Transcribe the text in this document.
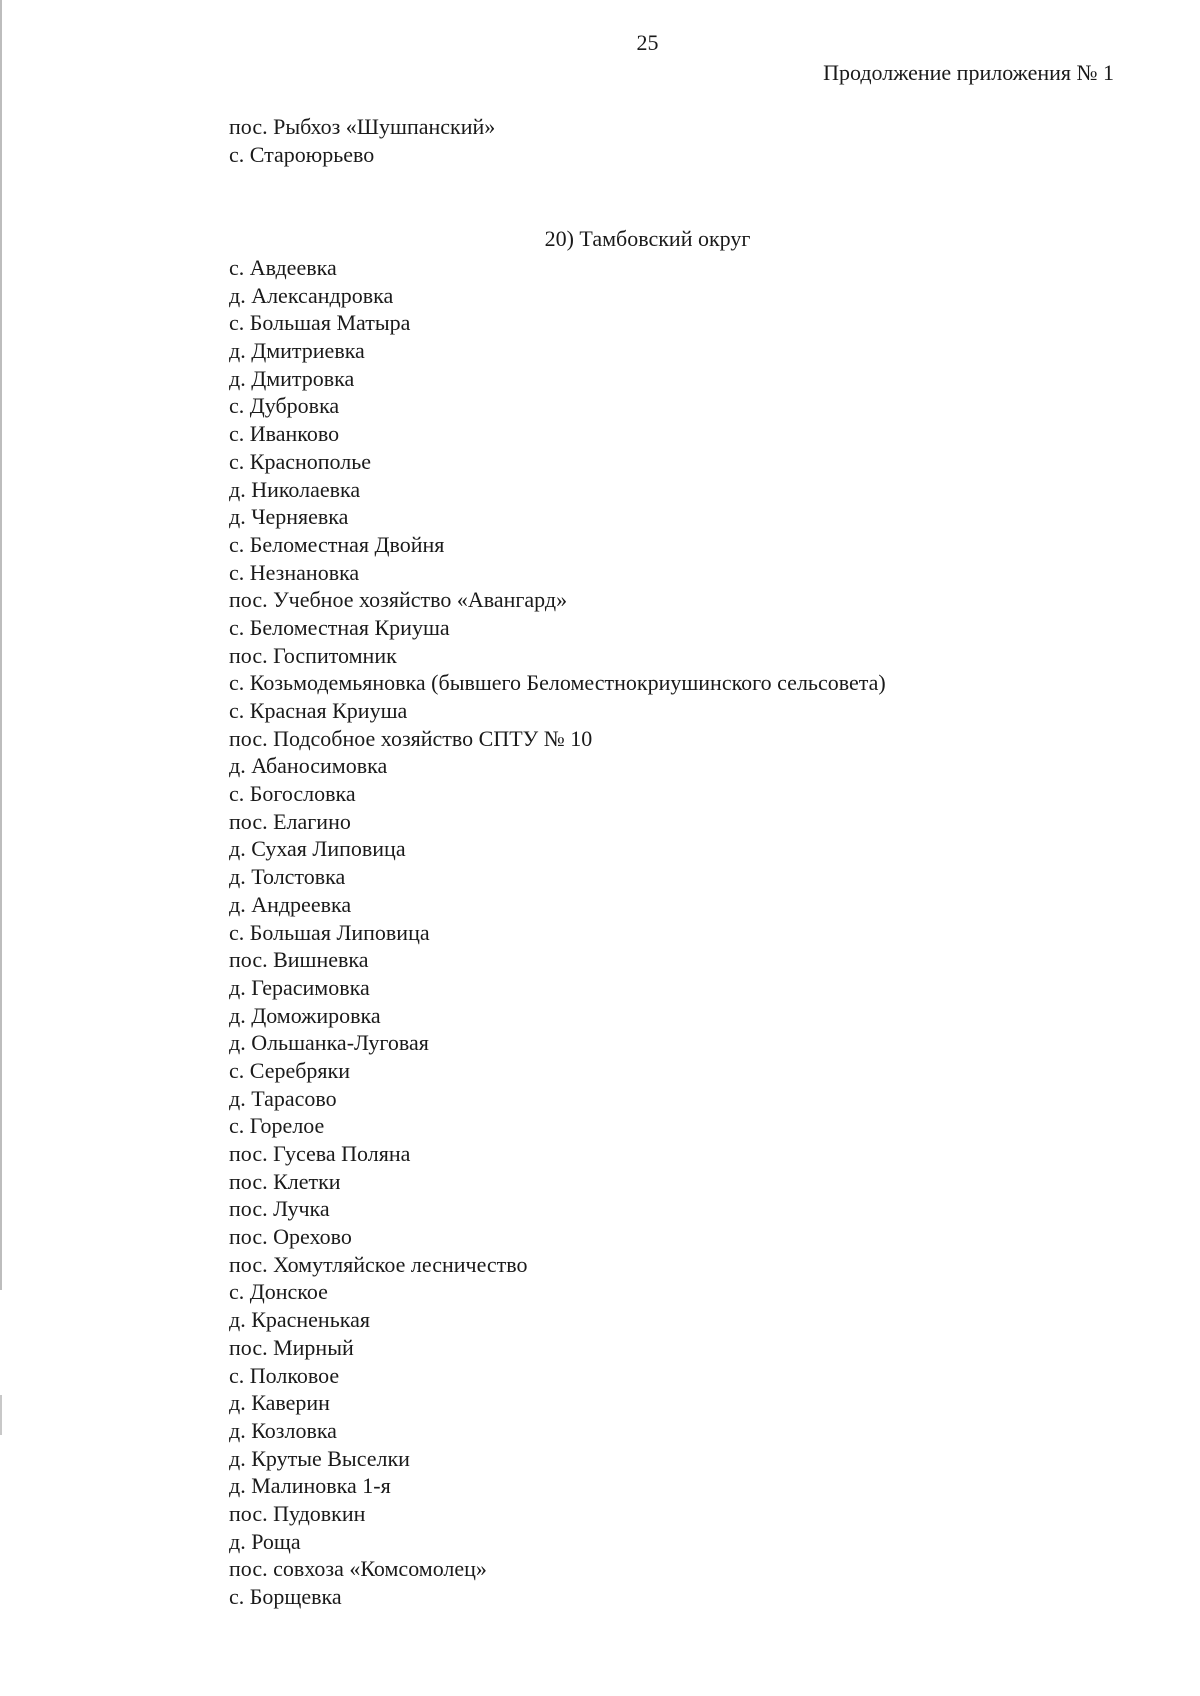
25
Продолжение приложения № 1
пос. Рыбхоз «Шушпанский»
с. Староюрьево
20) Тамбовский округ
с. Авдеевка
д. Александровка
с. Большая Матыра
д. Дмитриевка
д. Дмитровка
с. Дубровка
с. Иванково
с. Краснополье
д. Николаевка
д. Черняевка
с. Беломестная Двойня
с. Незнановка
пос. Учебное хозяйство «Авангард»
с. Беломестная Криуша
пос. Госпитомник
с. Козьмодемьяновка (бывшего Беломестнокриушинского сельсовета)
с. Красная Криуша
пос. Подсобное хозяйство СПТУ № 10
д. Абаносимовка
с. Богословка
пос. Елагино
д. Сухая Липовица
д. Толстовка
д. Андреевка
с. Большая Липовица
пос. Вишневка
д. Герасимовка
д. Доможировка
д. Ольшанка-Луговая
с. Серебряки
д. Тарасово
с. Горелое
пос. Гусева Поляна
пос. Клетки
пос. Лучка
пос. Орехово
пос. Хомутляйское лесничество
с. Донское
д. Красненькая
пос. Мирный
с. Полковое
д. Каверин
д. Козловка
д. Крутые Выселки
д. Малиновка 1-я
пос. Пудовкин
д. Роща
пос. совхоза «Комсомолец»
с. Борщевка
